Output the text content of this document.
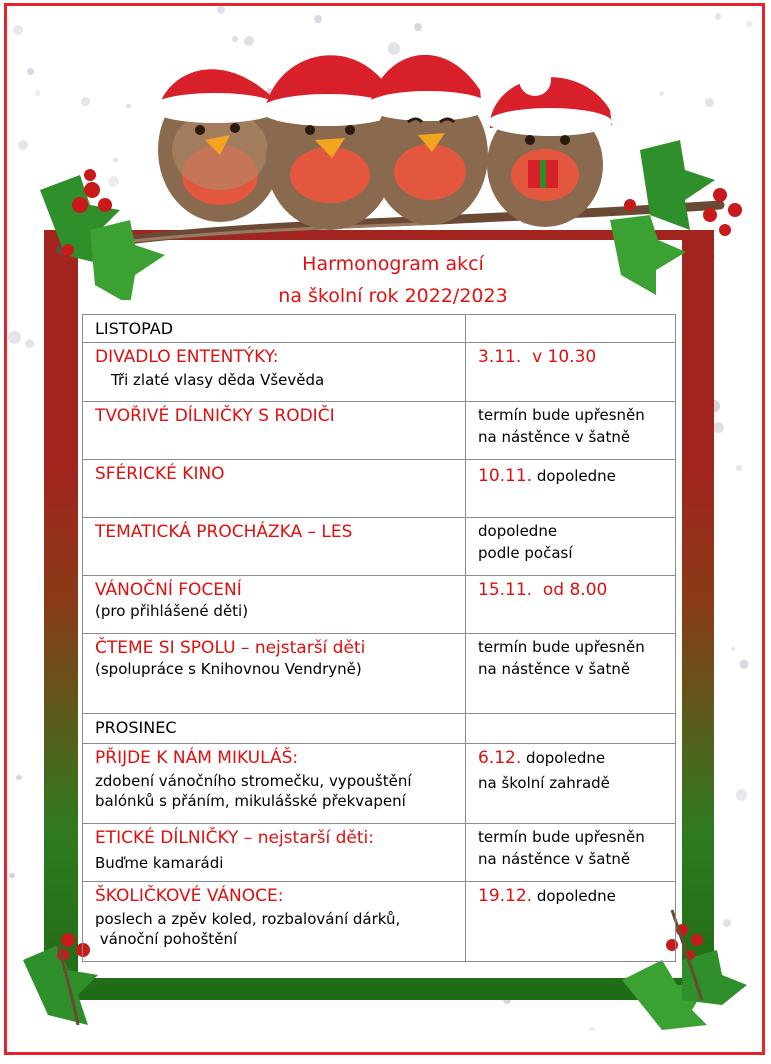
Harmonogram akcí
na školní rok 2022/2023
LISTOPAD	

DIVADLO ENTENTÝKY:
Tři zlaté vlasy děda Vševěda	3.11. v 10.30

TVOŘIVÉ DÍLNIČKY S RODIČI	termín bude upřesněn
na nástěnce v šatně

SFÉRICKÉ KINO	10.11. dopoledne

TEMATICKÁ PROCHÁZKA – LES	dopoledne
podle počasí

VÁNOČNÍ FOCENÍ
(pro přihlášené děti)	15.11. od 8.00

ČTEME SI SPOLU – nejstarší děti
(spolupráce s Knihovnou Vendryně)	termín bude upřesněn
na nástěnce v šatně

PROSINEC	

PŘIJDE K NÁM MIKULÁŠ:
zdobení vánočního stromečku, vypouštění
balónků s přáním, mikulášské překvapení	6.12. dopoledne
na školní zahradě

ETICKÉ DÍLNIČKY – nejstarší děti:
Buďme kamarádi	termín bude upřesněn
na nástěnce v šatně

ŠKOLIČKOVÉ VÁNOCE:
poslech a zpěv koled, rozbalování dárků,
vánoční pohoštění	19.12. dopoledne
